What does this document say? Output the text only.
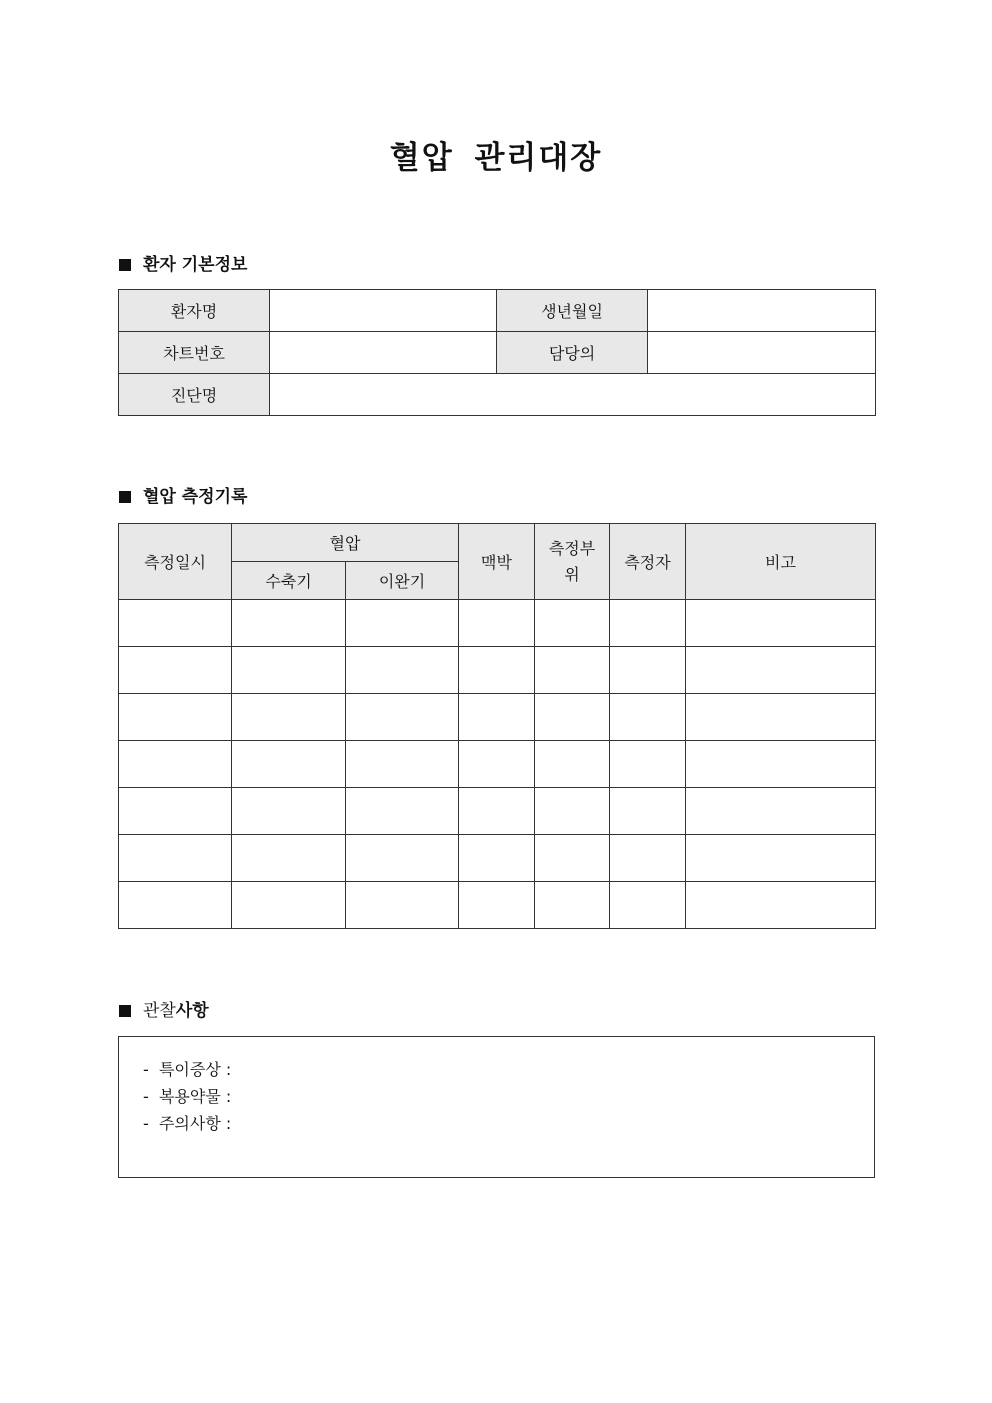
혈압 관리대장
환자 기본정보
환자명		생년월일	
차트번호		담당의	
진단명			
혈압 측정기록
측정일시	혈압		맥박	측정부위	측정자	비고
	수축기	이완기				

관찰사항
-  특이증상 :
-  복용약물 :
-  주의사항 :
